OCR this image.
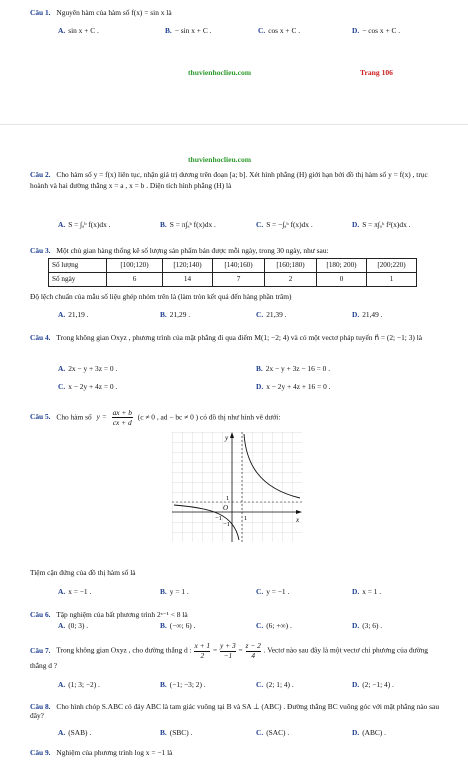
Câu 1. Nguyên hàm của hàm số f(x) = sin x là
A. sin x + C .	B. − sin x + C .	C. cos x + C .	D. − cos x + C .
thuvienhoclieu.com	Trang 106
thuvienhoclieu.com
Câu 2. Cho hàm số y = f(x) liên tục, nhận giá trị dương trên đoạn [a; b]. Xét hình phẳng (H) giới hạn bởi đồ thị hàm số y = f(x) , trục hoành và hai đường thẳng x = a , x = b . Diện tích hình phẳng (H) là
A. S = ∫ₐᵇ f(x)dx .	B. S = π∫ₐᵇ f(x)dx .	C. S = −∫ₐᵇ f(x)dx .	D. S = π∫ₐᵇ f²(x)dx .
Câu 3. Một chủ gian hàng thống kê số lượng sản phẩm bán được mỗi ngày, trong 30 ngày, như sau:
Số lượng	[100;120)	[120;140)	[140;160)	[160;180)	[180; 200)	[200;220)
Số ngày	6	14	7	2	0	1
Độ lệch chuẩn của mẫu số liệu ghép nhóm trên là (làm tròn kết quả đến hàng phần trăm)
A. 21,19 .	B. 21,29 .	C. 21,39 .	D. 21,49 .
Câu 4. Trong không gian Oxyz , phương trình của mặt phẳng đi qua điểm M(1; −2; 4) và có một vectơ pháp tuyến n⃗ = (2; −1; 3) là
A. 2x − y + 3z = 0 .	B. 2x − y + 3z − 16 = 0 .
C. x − 2y + 4z = 0 .	D. x − 2y + 4z + 16 = 0 .
Câu 5. Cho hàm số $y = \frac{ax + b}{cx + d} (c \ne 0$ , ad − bc ≠ 0 ) có đồ thị như hình vẽ dưới:
y
x
O
1
−1
1
−1
Tiệm cận đứng của đồ thị hàm số là
A. x = −1 .	B. y = 1 .	C. y = −1 .	D. x = 1 .
Câu 6. Tập nghiệm của bất phương trình 2ˣ⁻¹ < 8 là
A. (0; 3) .	B. (−∞; 6) .	C. (6; +∞) .	D. (3; 6) .
Câu 7. Trong không gian Oxyz , cho đường thẳng d : $\frac{x + 1}{2} = \frac{y + 3}{-1} = \frac{z - 2}{4}$ . Vectơ nào sau đây là một vectơ chỉ phương của đường thẳng d ?
A. (1; 3; −2) .	B. (−1; −3; 2) .	C. (2; 1; 4) .	D. (2; −1; 4) .
Câu 8. Cho hình chóp S.ABC có đáy ABC là tam giác vuông tại B và SA ⊥ (ABC) . Đường thẳng BC vuông góc với mặt phẳng nào sau đây?
A. (SAB) .	B. (SBC) .	C. (SAC) .	D. (ABC) .
Câu 9. Nghiệm của phương trình log x = −1 là
